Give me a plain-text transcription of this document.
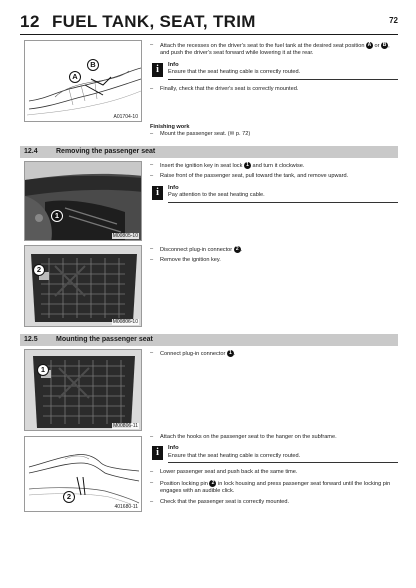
12 FUEL TANK, SEAT, TRIM	72
A
B
A01704-10
– Attach the recesses on the driver's seat to the fuel tank at the desired seat position A or B , and push the driver's seat forward while lowering it at the rear.
i	Info
Ensure that the seat heating cable is correctly routed.
– Finally, check that the driver's seat is correctly mounted.
Finishing work
– Mount the passenger seat. (✉ p. 72)
12.4	Removing the passenger seat
1
M00805-10
– Insert the ignition key in seat lock 1 and turn it clockwise.
– Raise front of the passenger seat, pull toward the tank, and remove upward.
i	Info
Pay attention to the seat heating cable.
2
M00806-10
– Disconnect plug-in connector 2 .
– Remove the ignition key.
12.5	Mounting the passenger seat
1
M00806-11
– Connect plug-in connector 1 .
2
401680-11
– Attach the hooks on the passenger seat to the hanger on the subframe.
i	Info
Ensure that the seat heating cable is correctly routed.
– Lower passenger seat and push back at the same time.
– Position locking pin 2 in lock housing and press passenger seat forward until the locking pin engages with an audible click.
– Check that the passenger seat is correctly mounted.
